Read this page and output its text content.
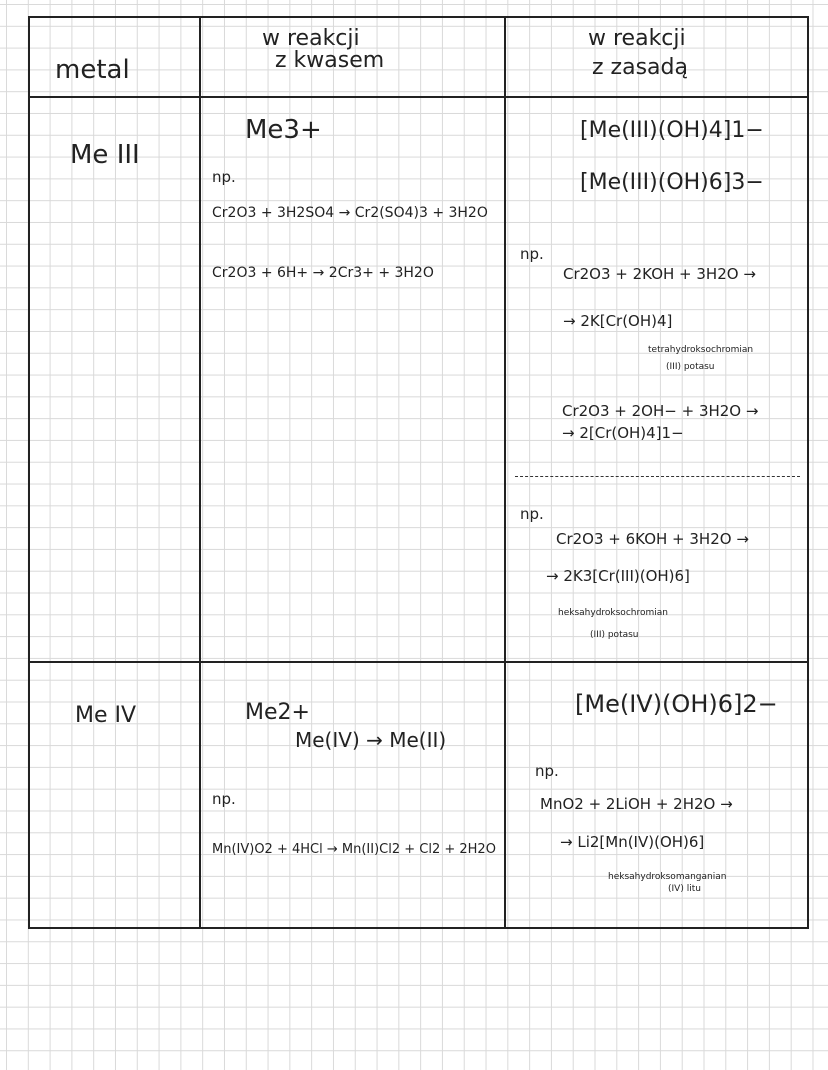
metal
w reakcji
z kwasem
w reakcji
z zasadą
Me III
Me3+
np.
Cr2O3 + 3H2SO4 → Cr2(SO4)3 + 3H2O
Cr2O3 + 6H+ → 2Cr3+ + 3H2O
[Me(III)(OH)4]1−
[Me(III)(OH)6]3−
np.
Cr2O3 + 2KOH + 3H2O →
→ 2K[Cr(OH)4]
tetrahydroksochromian
(III) potasu
Cr2O3 + 2OH− + 3H2O →
→ 2[Cr(OH)4]1−
np.
Cr2O3 + 6KOH + 3H2O →
→ 2K3[Cr(III)(OH)6]
heksahydroksochromian
(III) potasu
Me IV	Me2+
Me(IV) → Me(II)
np.
Mn(IV)O2 + 4HCl → Mn(II)Cl2 + Cl2 + 2H2O
[Me(IV)(OH)6]2−
np.
MnO2 + 2LiOH + 2H2O →
→ Li2[Mn(IV)(OH)6]
heksahydroksomanganian
(IV) litu
